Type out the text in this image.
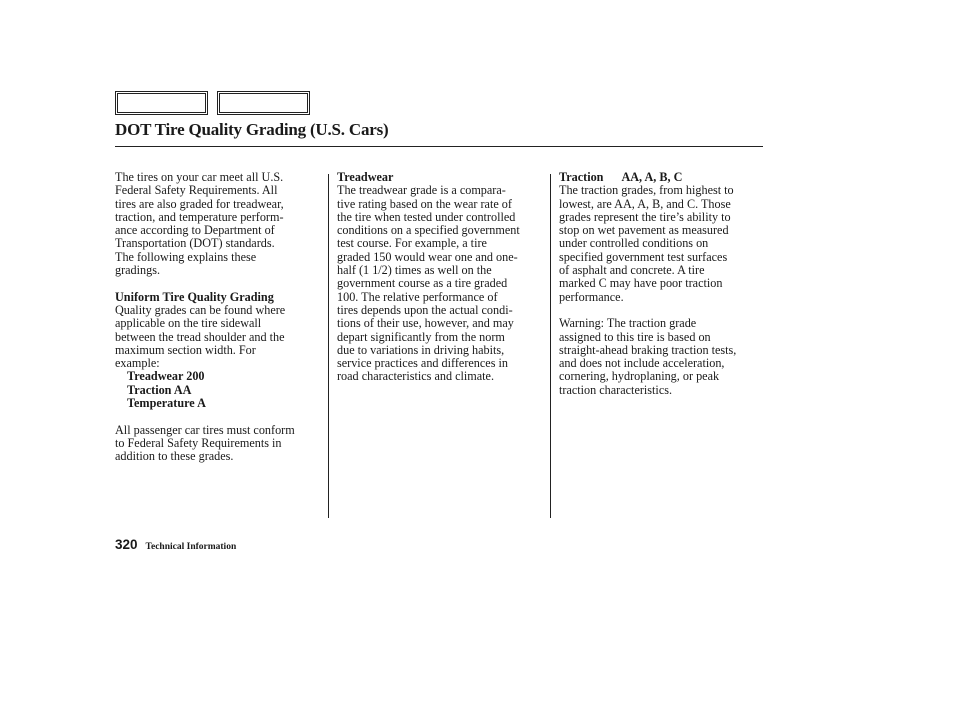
DOT Tire Quality Grading (U.S. Cars)
The tires on your car meet all U.S.
Federal Safety Requirements. All
tires are also graded for treadwear,
traction, and temperature perform-
ance according to Department of
Transportation (DOT) standards.
The following explains these
gradings.
Uniform Tire Quality Grading
Quality grades can be found where
applicable on the tire sidewall
between the tread shoulder and the
maximum section width. For
example:
Treadwear 200
Traction AA
Temperature A
All passenger car tires must conform
to Federal Safety Requirements in
addition to these grades.
Treadwear
The treadwear grade is a compara-
tive rating based on the wear rate of
the tire when tested under controlled
conditions on a specified government
test course. For example, a tire
graded 150 would wear one and one-
half (1 1/2) times as well on the
government course as a tire graded
100. The relative performance of
tires depends upon the actual condi-
tions of their use, however, and may
depart significantly from the norm
due to variations in driving habits,
service practices and differences in
road characteristics and climate.
Traction AA, A, B, C
The traction grades, from highest to
lowest, are AA, A, B, and C. Those
grades represent the tire’s ability to
stop on wet pavement as measured
under controlled conditions on
specified government test surfaces
of asphalt and concrete. A tire
marked C may have poor traction
performance.
Warning: The traction grade
assigned to this tire is based on
straight-ahead braking traction tests,
and does not include acceleration,
cornering, hydroplaning, or peak
traction characteristics.
320 Technical Information
